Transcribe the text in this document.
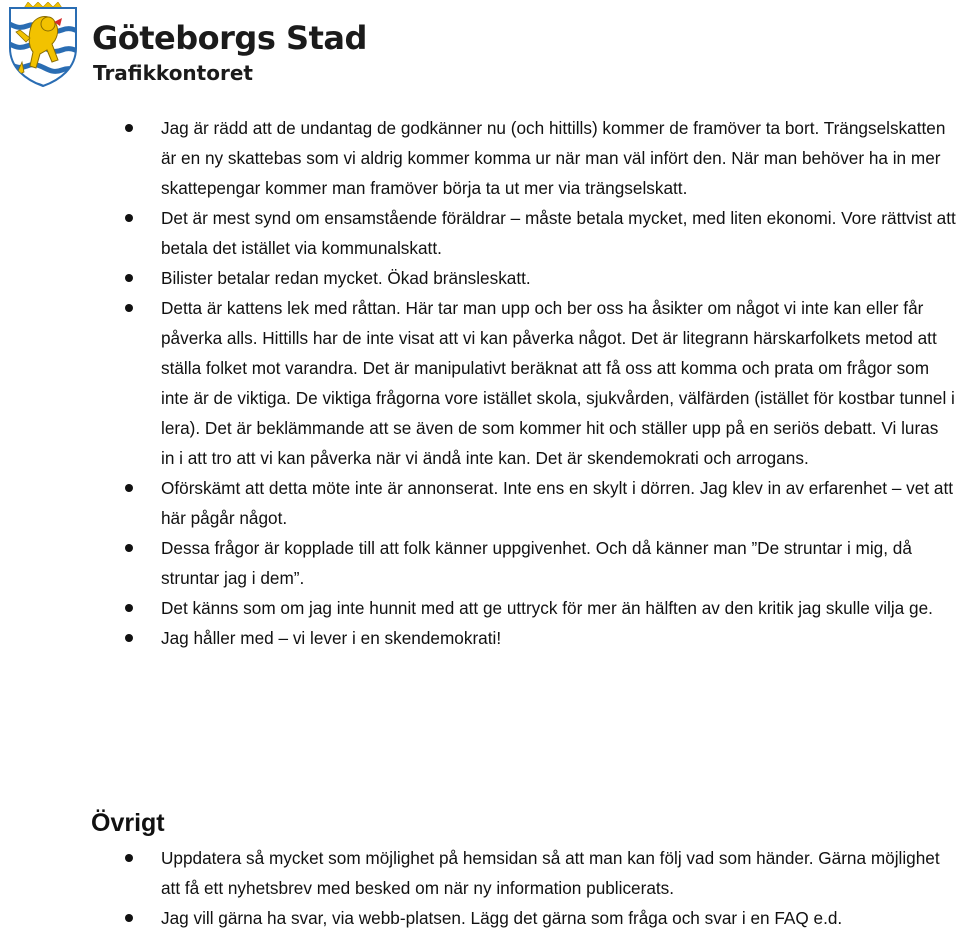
Göteborgs Stad
Trafikkontoret
Jag är rädd att de undantag de godkänner nu (och hittills) kommer de framöver ta bort. Trängselskatten är en ny skattebas som vi aldrig kommer komma ur när man väl infört den. När man behöver ha in mer skattepengar kommer man framöver börja ta ut mer via trängselskatt.
Det är mest synd om ensamstående föräldrar – måste betala mycket, med liten ekonomi. Vore rättvist att betala det istället via kommunalskatt.
Bilister betalar redan mycket. Ökad bränsleskatt.
Detta är kattens lek med råttan. Här tar man upp och ber oss ha åsikter om något vi inte kan eller får påverka alls. Hittills har de inte visat att vi kan påverka något. Det är litegrann härskarfolkets metod att ställa folket mot varandra. Det är manipulativt beräknat att få oss att komma och prata om frågor som inte är de viktiga. De viktiga frågorna vore istället skola, sjukvården, välfärden (istället för kostbar tunnel i lera). Det är beklämmande att se även de som kommer hit och ställer upp på en seriös debatt. Vi luras in i att tro att vi kan påverka när vi ändå inte kan. Det är skendemokrati och arrogans.
Oförskämt att detta möte inte är annonserat. Inte ens en skylt i dörren. Jag klev in av erfarenhet – vet att här pågår något.
Dessa frågor är kopplade till att folk känner uppgivenhet. Och då känner man ”De struntar i mig, då struntar jag i dem”.
Det känns som om jag inte hunnit med att ge uttryck för mer än hälften av den kritik jag skulle vilja ge.
Jag håller med – vi lever i en skendemokrati!
Övrigt
Uppdatera så mycket som möjlighet på hemsidan så att man kan följ vad som händer. Gärna möjlighet att få ett nyhetsbrev med besked om när ny information publicerats.
Jag vill gärna ha svar, via webb-platsen. Lägg det gärna som fråga och svar i en FAQ e.d.
